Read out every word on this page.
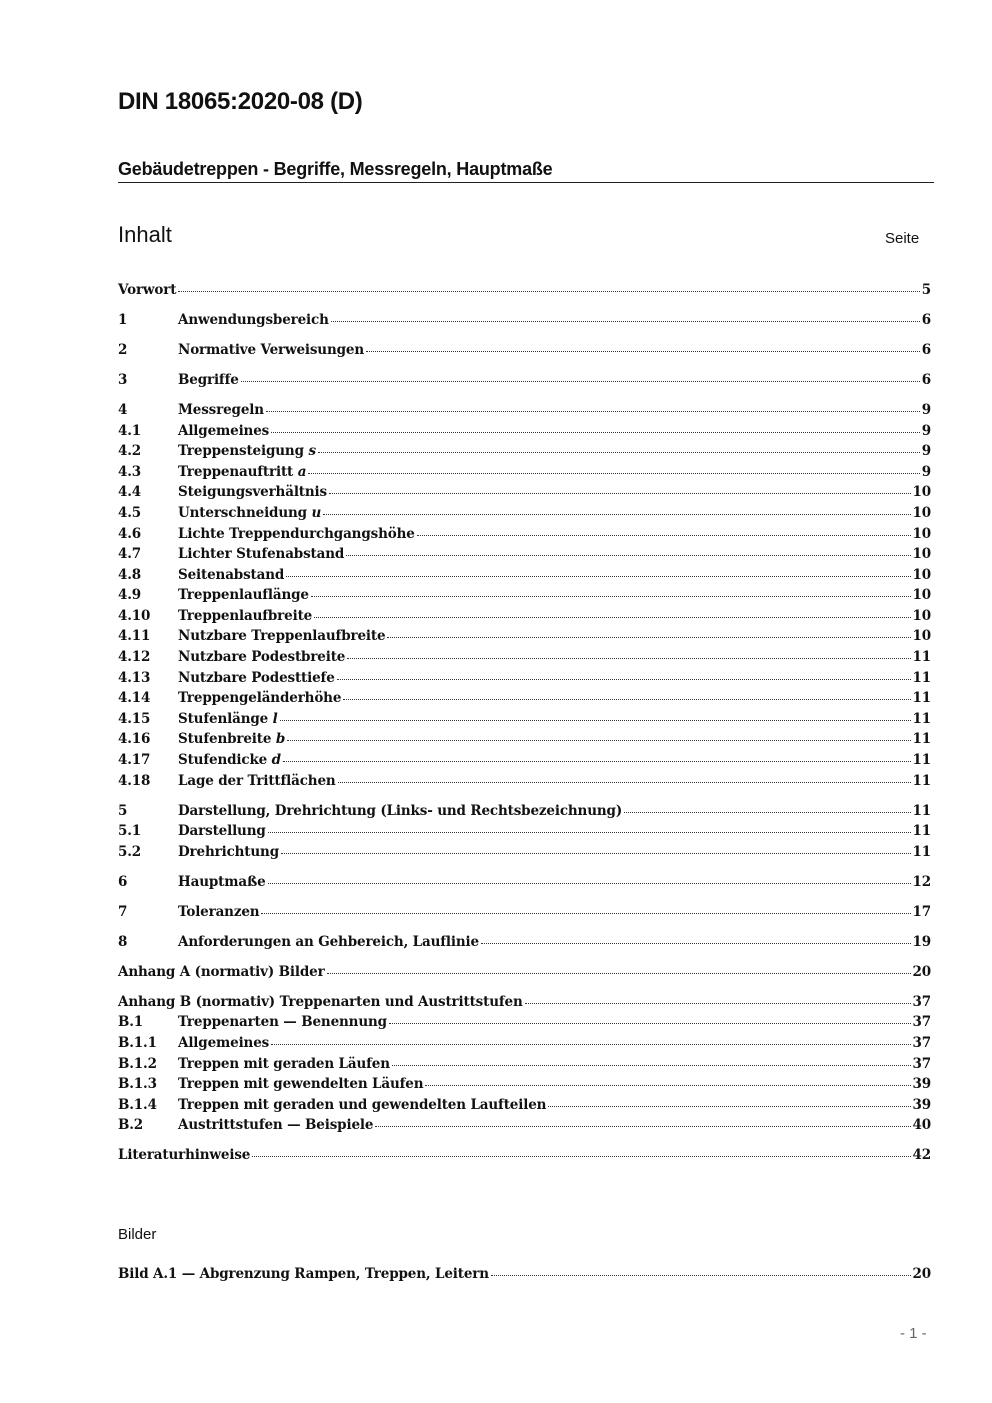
DIN 18065:2020-08 (D)
Gebäudetreppen - Begriffe, Messregeln, Hauptmaße
Inhalt	Seite
Vorwort	5
1	Anwendungsbereich	6
2	Normative Verweisungen	6
3	Begriffe	6
4	Messregeln	9
4.1	Allgemeines	9
4.2	Treppensteigung s	9
4.3	Treppenauftritt a	9
4.4	Steigungsverhältnis	10
4.5	Unterschneidung u	10
4.6	Lichte Treppendurchgangshöhe	10
4.7	Lichter Stufenabstand	10
4.8	Seitenabstand	10
4.9	Treppenlauflänge	10
4.10	Treppenlaufbreite	10
4.11	Nutzbare Treppenlaufbreite	10
4.12	Nutzbare Podestbreite	11
4.13	Nutzbare Podesttiefe	11
4.14	Treppengeländerhöhe	11
4.15	Stufenlänge l	11
4.16	Stufenbreite b	11
4.17	Stufendicke d	11
4.18	Lage der Trittflächen	11
5	Darstellung, Drehrichtung (Links- und Rechtsbezeichnung)	11
5.1	Darstellung	11
5.2	Drehrichtung	11
6	Hauptmaße	12
7	Toleranzen	17
8	Anforderungen an Gehbereich, Lauflinie	19
Anhang A (normativ) Bilder	20
Anhang B (normativ) Treppenarten und Austrittstufen	37
B.1	Treppenarten — Benennung	37
B.1.1	Allgemeines	37
B.1.2	Treppen mit geraden Läufen	37
B.1.3	Treppen mit gewendelten Läufen	39
B.1.4	Treppen mit geraden und gewendelten Laufteilen	39
B.2	Austrittstufen — Beispiele	40
Literaturhinweise	42
Bilder
Bild A.1 — Abgrenzung Rampen, Treppen, Leitern	20
- 1 -
